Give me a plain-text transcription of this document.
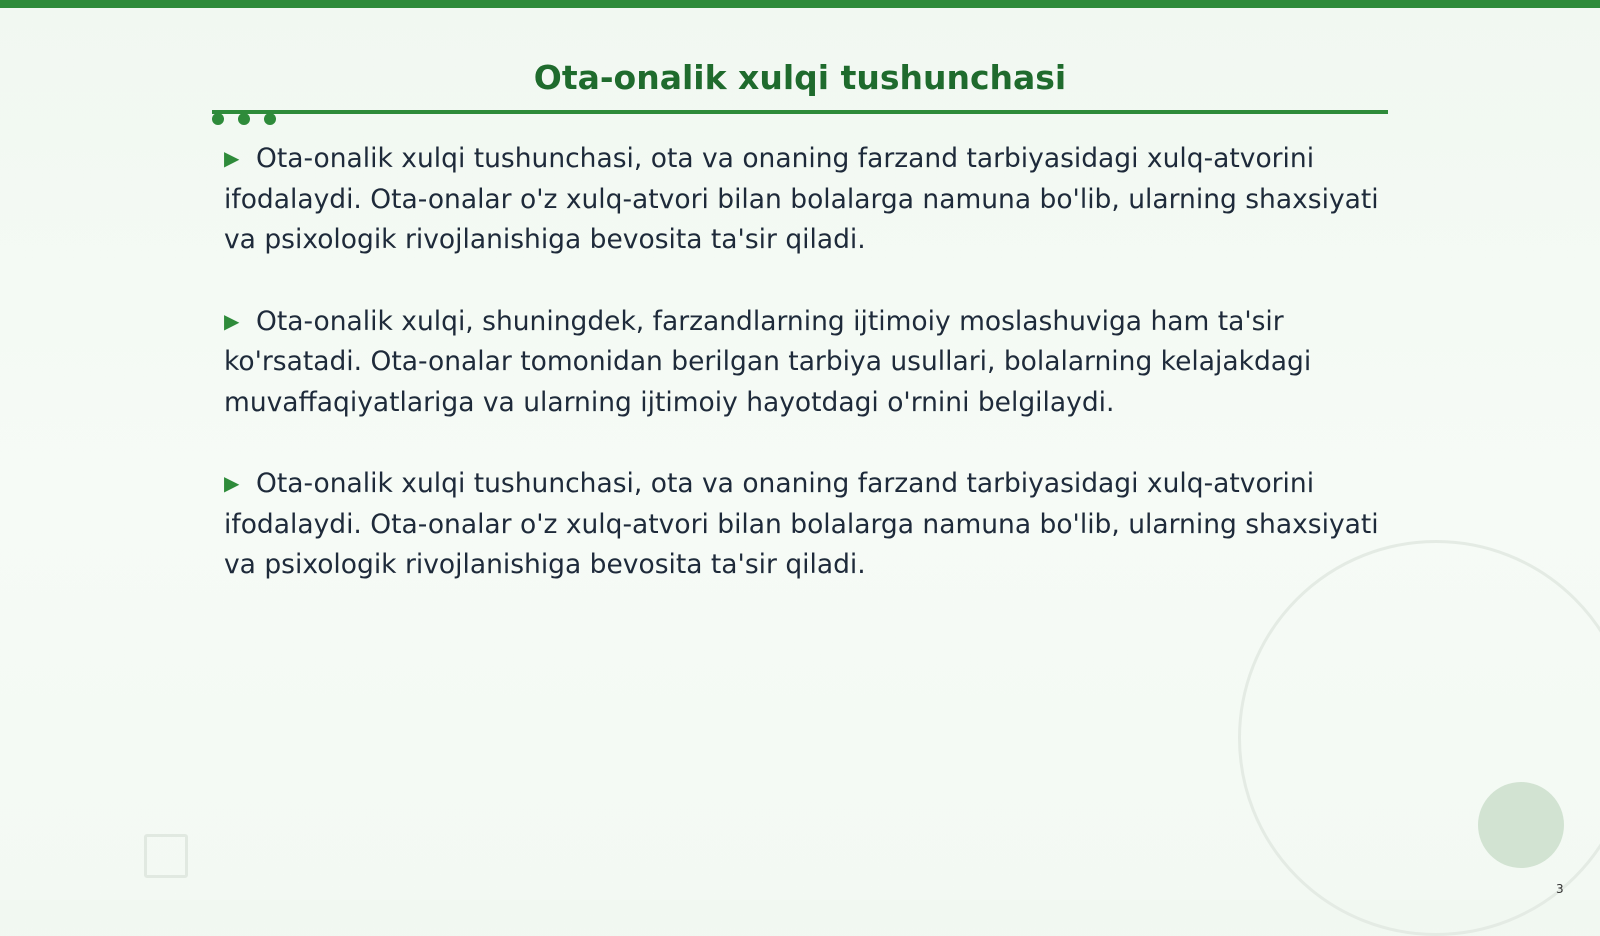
Ota-onalik xulqi tushunchasi

▶ Ota-onalik xulqi tushunchasi, ota va onaning farzand tarbiyasidagi xulq-atvorini ifodalaydi. Ota-onalar o'z xulq-atvori bilan bolalarga namuna bo'lib, ularning shaxsiyati va psixologik rivojlanishiga bevosita ta'sir qiladi.

▶ Ota-onalik xulqi, shuningdek, farzandlarning ijtimoiy moslashuviga ham ta'sir ko'rsatadi. Ota-onalar tomonidan berilgan tarbiya usullari, bolalarning kelajakdagi muvaffaqiyatlariga va ularning ijtimoiy hayotdagi o'rnini belgilaydi.

▶ Ota-onalik xulqi tushunchasi, ota va onaning farzand tarbiyasidagi xulq-atvorini ifodalaydi. Ota-onalar o'z xulq-atvori bilan bolalarga namuna bo'lib, ularning shaxsiyati va psixologik rivojlanishiga bevosita ta'sir qiladi.

3
